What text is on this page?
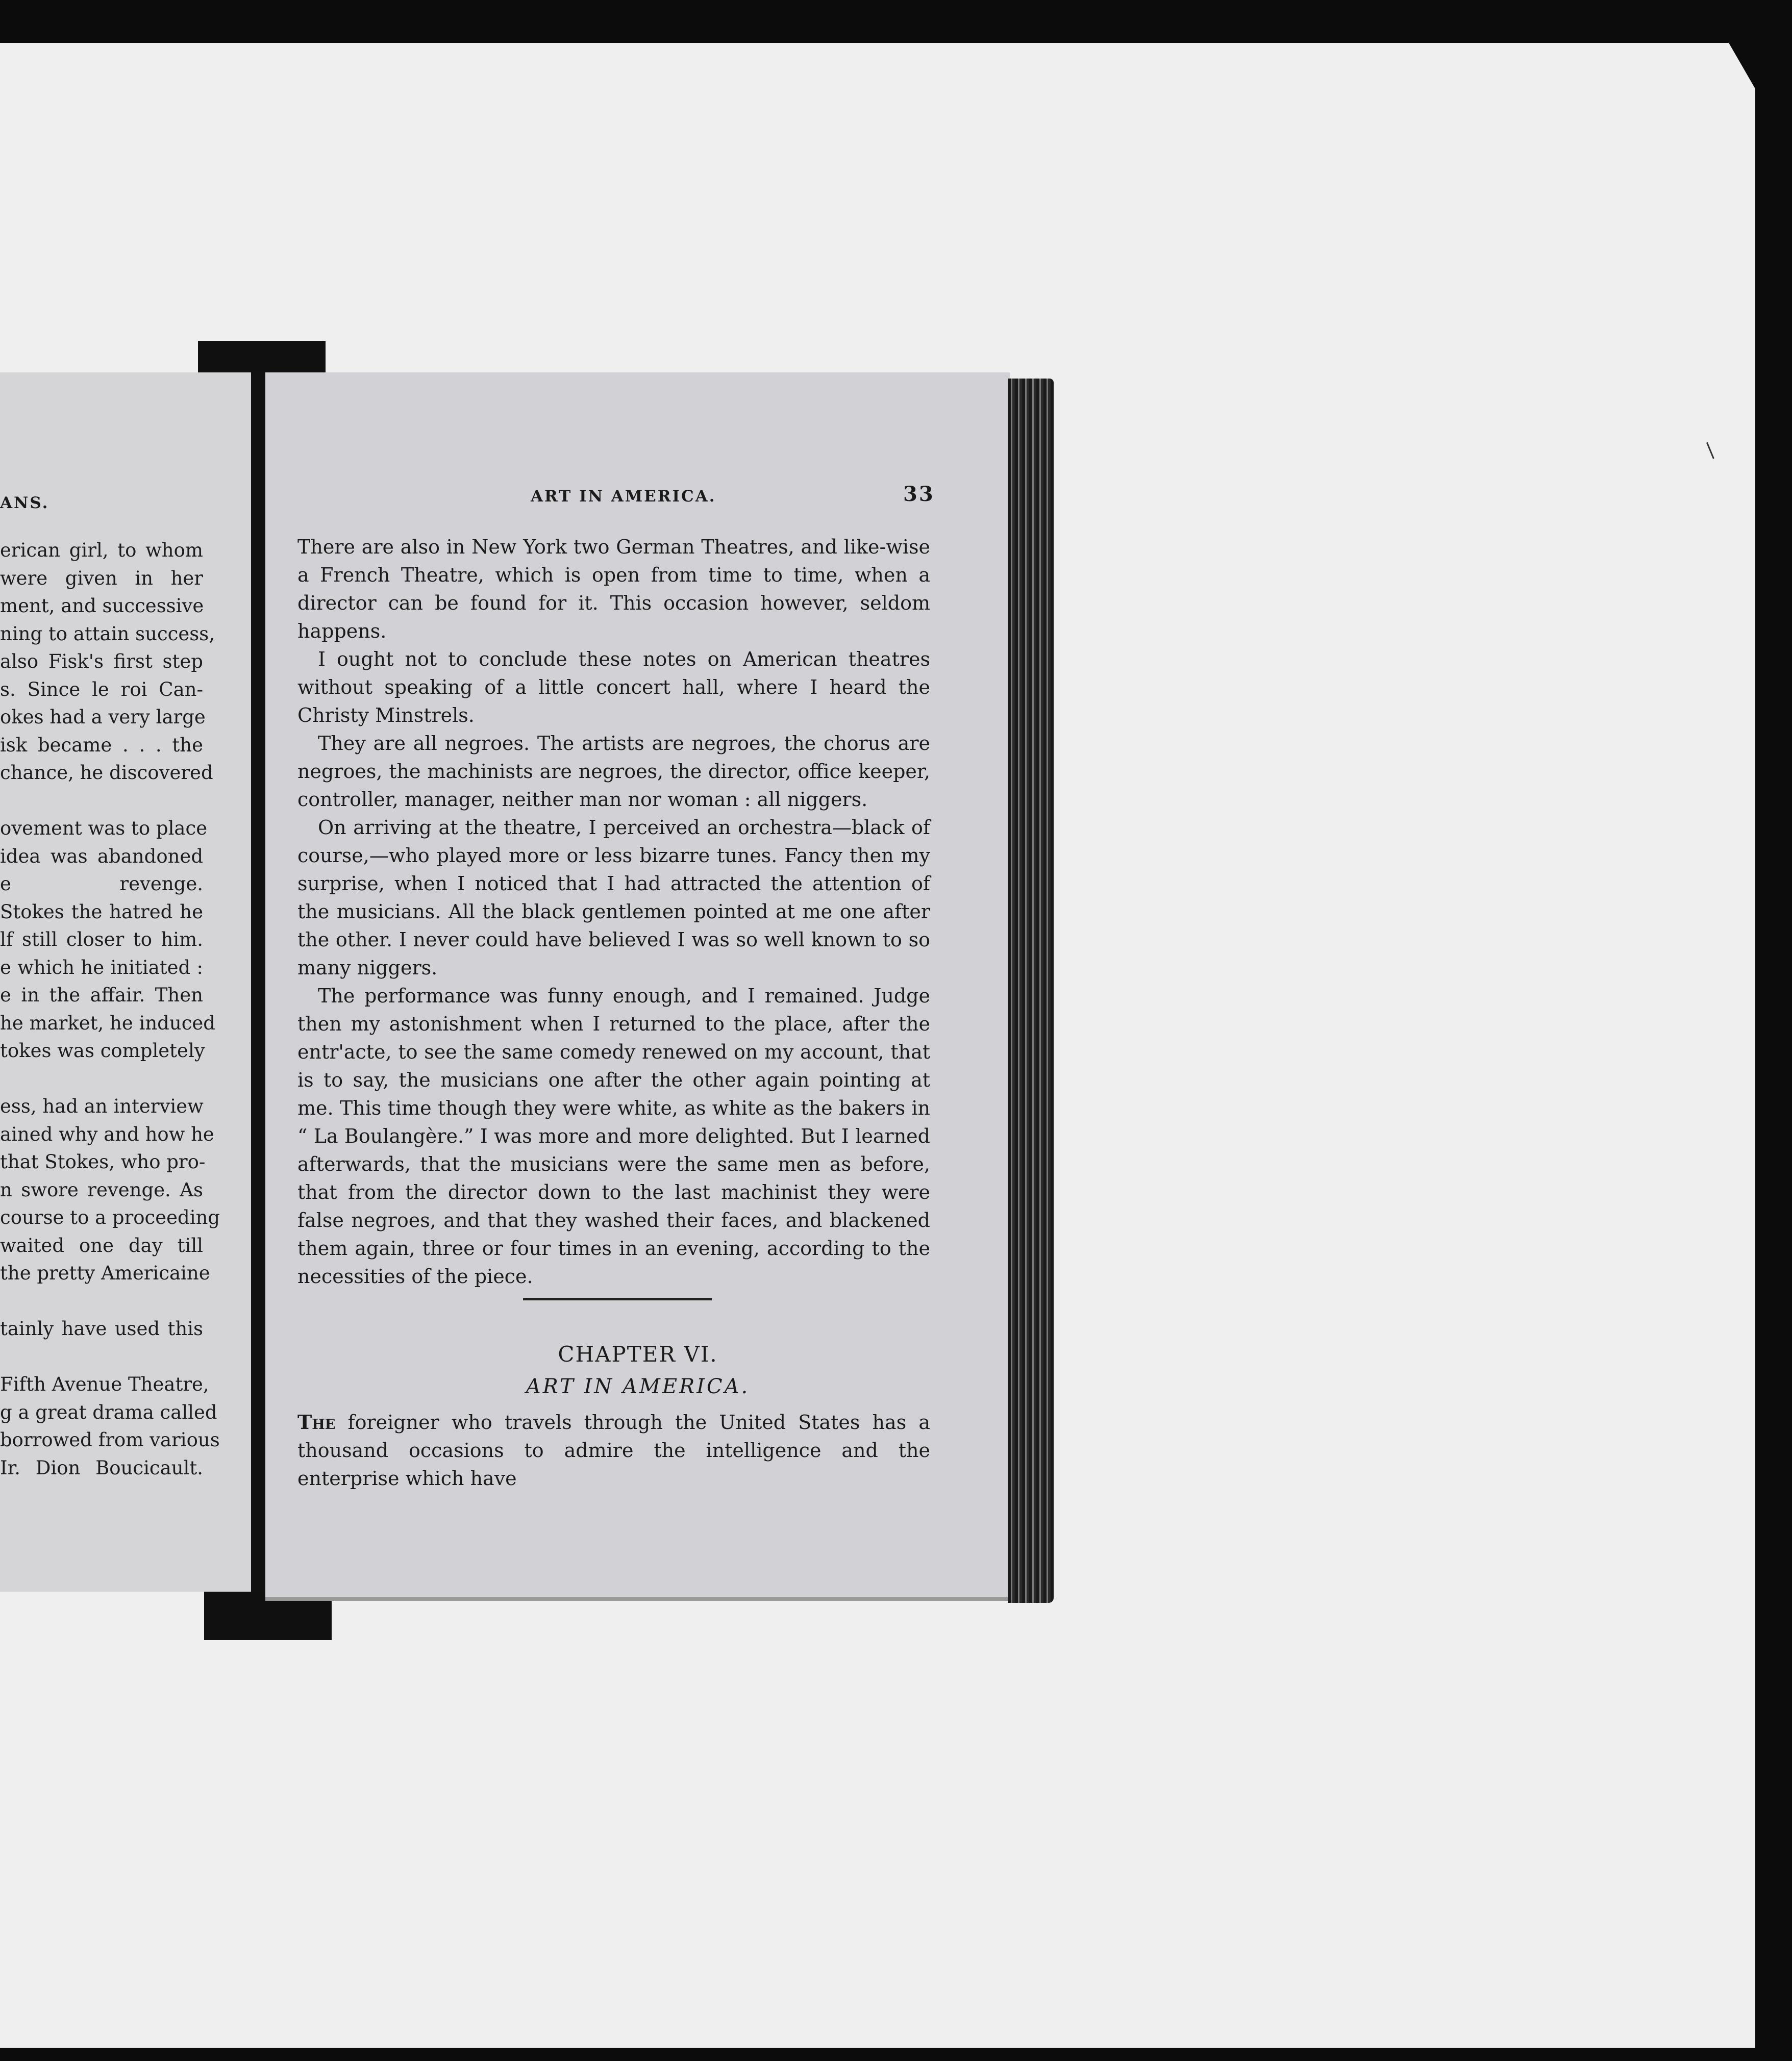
ANS.
erican girl, to whom
were given in her
ment, and successive
ning to attain success,
also Fisk's first step
s. Since le roi Can-
okes had a very large
isk became . . . the
chance, he discovered
ovement was to place
idea was abandoned
e revenge.
Stokes the hatred he
lf still closer to him.
e which he initiated :
e in the affair. Then
he market, he induced
tokes was completely
ess, had an interview
ained why and how he
that Stokes, who pro-
n swore revenge. As
course to a proceeding
waited one day till
the pretty Americaine
tainly have used this
Fifth Avenue Theatre,
g a great drama called
borrowed from various
Ir. Dion Boucicault.
ART IN AMERICA.	33

There are also in New York two German Theatres, and like-wise a French Theatre, which is open from time to time, when a director can be found for it. This occasion however, seldom happens.

I ought not to conclude these notes on American theatres without speaking of a little concert hall, where I heard the Christy Minstrels.

They are all negroes. The artists are negroes, the chorus are negroes, the machinists are negroes, the director, office keeper, controller, manager, neither man nor woman : all niggers.

On arriving at the theatre, I perceived an orchestra—black of course,—who played more or less bizarre tunes. Fancy then my surprise, when I noticed that I had attracted the attention of the musicians. All the black gentlemen pointed at me one after the other. I never could have believed I was so well known to so many niggers.

The performance was funny enough, and I remained. Judge then my astonishment when I returned to the place, after the entr'acte, to see the same comedy renewed on my account, that is to say, the musicians one after the other again pointing at me. This time though they were white, as white as the bakers in “ La Boulangère.” I was more and more delighted. But I learned afterwards, that the musicians were the same men as before, that from the director down to the last machinist they were false negroes, and that they washed their faces, and blackened them again, three or four times in an evening, according to the necessities of the piece.

CHAPTER VI.
ART IN AMERICA.
The foreigner who travels through the United States has a thousand occasions to admire the intelligence and the enterprise which have
/
